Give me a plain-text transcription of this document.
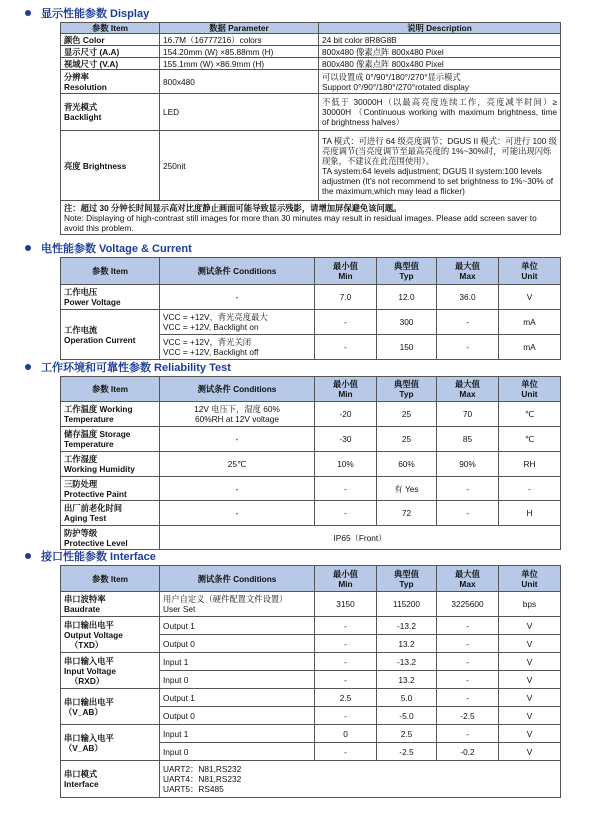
显示性能参数 Display
参数 Item	数据 Parameter	说明 Description
颜色 Color	16.7M（16777216）colors	24 bit color 8R8G8B
显示尺寸 (A.A)	154.20mm (W) ×85.88mm (H)	800x480 像素点阵 800x480 Pixel
视域尺寸 (V.A)	155.1mm (W) ×86.9mm (H)	800x480 像素点阵 800x480 Pixel

分辨率
Resolution	800x480	可以设置成 0°/90°/180°/270°显示模式
Support 0°/90°/180°/270°rotated display

背光模式
Backlight	LED	不低于 30000H（以最高亮度连续工作，亮度减半时间）≥ 30000H （Continuous working with maximum brightness, time of brightness halves）
亮度 Brightness	250nit	TA 模式：可进行 64 级亮度调节；DGUS II 模式：可进行 100 级亮度调节(当亮度调节至最高亮度的 1%~30%时，可能出现闪烁现象，不建议在此范围使用）。
TA system:64 levels adjustment; DGUS II system:100 levels adjustmen (It's not recommend to set brightness to 1%~30% of the maximum,which may lead a flicker)

注：超过 30 分钟长时间显示高对比度静止画面可能导致显示残影，请增加屏保避免该问题。
Note: Displaying of high-contrast still images for more than 30 minutes may result in residual images. Please add screen saver to avoid this problem.		
电性能参数 Voltage & Current
参数 Item	测试条件 Conditions	最小值
Min	典型值
Typ	最大值
Max	单位
Unit

工作电压
Power Voltage	-	7.0	12.0	36.0	V

工作电流
Operation Current	VCC = +12V，背光亮度最大
VCC = +12V, Backlight on	-	300	-	mA

	VCC = +12V，背光关闭
VCC = +12V, Backlight off	-	150	-	mA
工作环境和可靠性参数 Reliability Test
参数 Item	测试条件 Conditions	最小值
Min	典型值
Typ	最大值
Max	单位
Unit

工作温度 Working
Temperature	12V 电压下，湿度 60%
60%RH at 12V voltage	-20	25	70	℃

储存温度 Storage
Temperature	-	-30	25	85	℃

工作湿度
Working Humidity	25℃	10%	60%	90%	RH

三防处理
Protective Paint	-	-	有 Yes	-	-

出厂前老化时间
Aging Test	-	-	72	-	H

防护等级
Protective Level	IP65（Front）				
接口性能参数 Interface
参数 Item	测试条件 Conditions	最小值
Min	典型值
Typ	最大值
Max	单位
Unit

串口波特率
Baudrate	用户自定义（硬件配置文件设置）
User Set	3150	115200	3225600	bps

串口输出电平
Output Voltage
（TXD）	Output 1	-	-13.2	-	V
	Output 0	-	13.2	-	V

串口输入电平
Input Voltage
（RXD）	Input 1	-	-13.2	-	V
	Input 0	-	13.2	-	V

串口输出电平
（V_AB）	Output 1	2.5	5.0	-	V
	Output 0	-	-5.0	-2.5	V

串口输入电平
（V_AB）	Input 1	0	2.5	-	V
	Input 0	-	-2.5	-0.2	V

串口模式
Interface	UART2：N81,RS232
UART4：N81,RS232
UART5：RS485				
